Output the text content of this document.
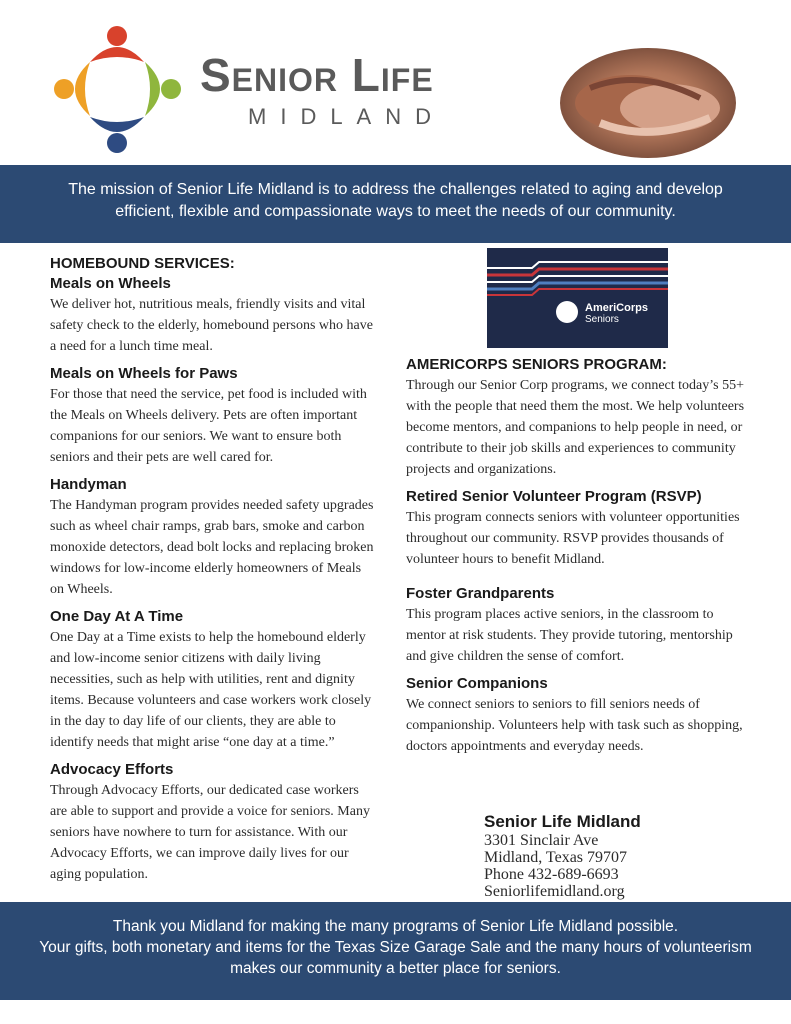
Senior Life
MIDLAND
The mission of Senior Life Midland is to address the challenges related to aging and develop efficient, flexible and compassionate ways to meet the needs of our community.
HOMEBOUND SERVICES:
Meals on Wheels

We deliver hot, nutritious meals, friendly visits and vital safety check to the elderly, homebound persons who have a need for a lunch time meal.

Meals on Wheels for Paws

For those that need the service, pet food is included with the Meals on Wheels delivery. Pets are often important companions for our seniors. We want to ensure both seniors and their pets are well cared for.

Handyman

The Handyman program provides needed safety upgrades such as wheel chair ramps, grab bars, smoke and carbon monoxide detectors, dead bolt locks and replacing broken windows for low-income elderly homeowners of Meals on Wheels.

One Day At A Time

One Day at a Time exists to help the homebound elderly and low-income senior citizens with daily living necessities, such as help with utilities, rent and dignity items. Because volunteers and case workers work closely in the day to day life of our clients, they are able to identify needs that might arise “one day at a time.”

Advocacy Efforts

Through Advocacy Efforts, our dedicated case workers are able to support and provide a voice for seniors. Many seniors have nowhere to turn for assistance. With our Advocacy Efforts, we can improve daily lives for our aging population.

AmeriCorps
Seniors
AMERICORPS SENIORS PROGRAM:

Through our Senior Corp programs, we connect today’s 55+ with the people that need them the most. We help volunteers become mentors, and companions to help people in need, or contribute to their job skills and experiences to community projects and organizations.

Retired Senior Volunteer Program (RSVP)

This program connects seniors with volunteer opportunities throughout our community. RSVP provides thousands of volunteer hours to benefit Midland.

Foster Grandparents

This program places active seniors, in the classroom to mentor at risk students. They provide tutoring, mentorship and give children the sense of comfort.

Senior Companions

We connect seniors to seniors to fill seniors needs of companionship. Volunteers help with task such as shopping, doctors appointments and everyday needs.

Senior Life Midland
3301 Sinclair Ave
Midland, Texas 79707
Phone 432-689-6693
Seniorlifemidland.org
Thank you Midland for making the many programs of Senior Life Midland possible.
Your gifts, both monetary and items for the Texas Size Garage Sale and the many hours of volunteerism makes our community a better place for seniors.
